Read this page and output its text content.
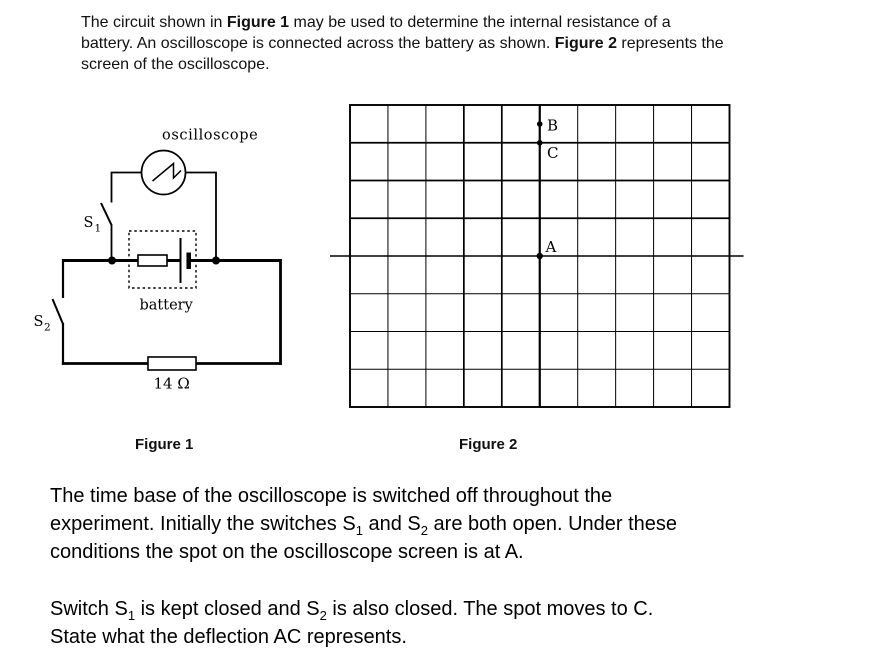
The circuit shown in Figure 1 may be used to determine the internal resistance of a
battery. An oscilloscope is connected across the battery as shown. Figure 2 represents the
screen of the oscilloscope.
oscilloscope
S 1
battery
S 2
14 Ω
B
C
A
Figure 1	Figure 2
The time base of the oscilloscope is switched off throughout the
experiment. Initially the switches $S_1$ and $S_2$ are both open. Under these
conditions the spot on the oscilloscope screen is at A.
Switch $S_1$ is kept closed and $S_2$ is also closed. The spot moves to C.
State what the deflection AC represents.
